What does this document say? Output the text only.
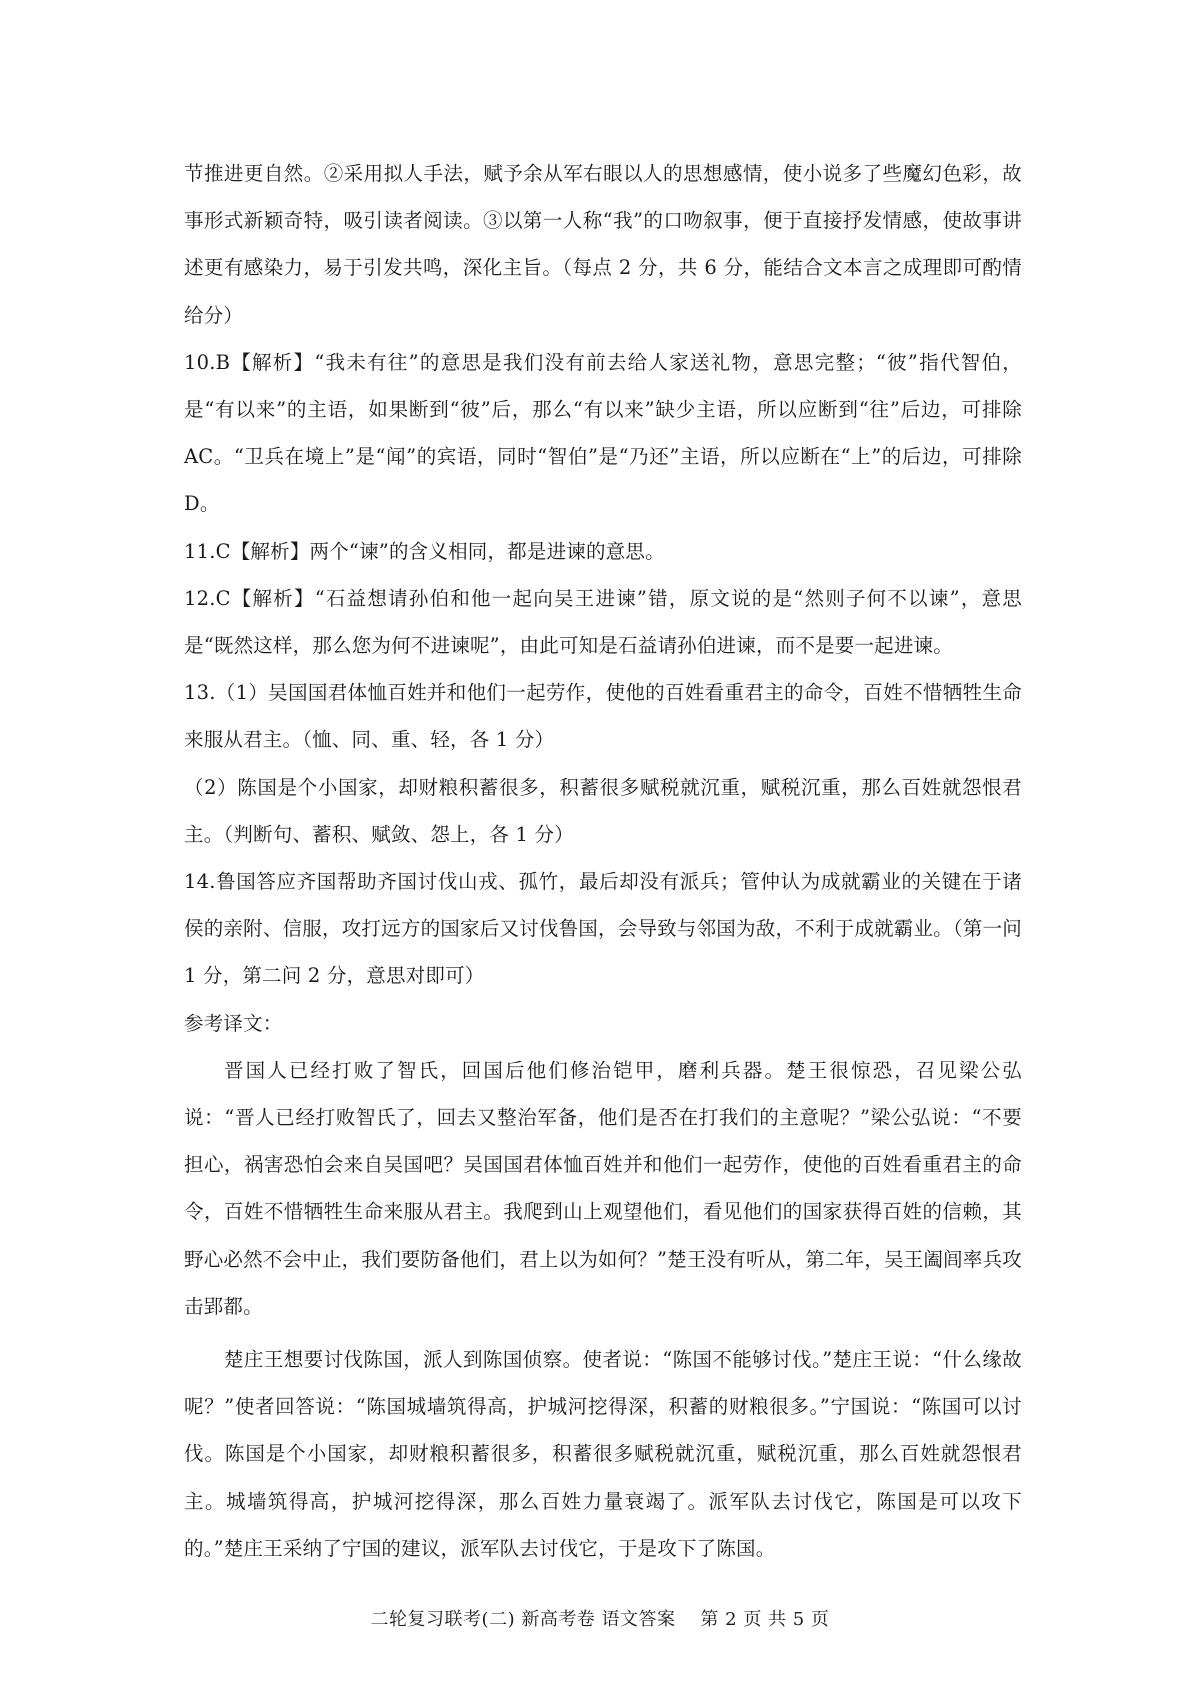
节推进更自然。②采用拟人手法，赋予余从军右眼以人的思想感情，使小说多了些魔幻色彩，故事形式新颖奇特，吸引读者阅读。③以第一人称“我”的口吻叙事，便于直接抒发情感，使故事讲述更有感染力，易于引发共鸣，深化主旨。（每点 2 分，共 6 分，能结合文本言之成理即可酌情给分）

10.B【解析】“我未有往”的意思是我们没有前去给人家送礼物，意思完整；“彼”指代智伯，是“有以来”的主语，如果断到“彼”后，那么“有以来”缺少主语，所以应断到“往”后边，可排除 AC。“卫兵在境上”是“闻”的宾语，同时“智伯”是“乃还”主语，所以应断在“上”的后边，可排除 D。

11.C【解析】两个“谏”的含义相同，都是进谏的意思。

12.C【解析】“石益想请孙伯和他一起向吴王进谏”错，原文说的是“然则子何不以谏”，意思是“既然这样，那么您为何不进谏呢”，由此可知是石益请孙伯进谏，而不是要一起进谏。

13.（1）吴国国君体恤百姓并和他们一起劳作，使他的百姓看重君主的命令，百姓不惜牺牲生命来服从君主。（恤、同、重、轻，各 1 分）

（2）陈国是个小国家，却财粮积蓄很多，积蓄很多赋税就沉重，赋税沉重，那么百姓就怨恨君主。（判断句、蓄积、赋敛、怨上，各 1 分）

14.鲁国答应齐国帮助齐国讨伐山戎、孤竹，最后却没有派兵；管仲认为成就霸业的关键在于诸侯的亲附、信服，攻打远方的国家后又讨伐鲁国，会导致与邻国为敌，不利于成就霸业。（第一问 1 分，第二问 2 分，意思对即可）

参考译文：

晋国人已经打败了智氏，回国后他们修治铠甲，磨利兵器。楚王很惊恐，召见梁公弘说：“晋人已经打败智氏了，回去又整治军备，他们是否在打我们的主意呢？”梁公弘说：“不要担心，祸害恐怕会来自吴国吧？吴国国君体恤百姓并和他们一起劳作，使他的百姓看重君主的命令，百姓不惜牺牲生命来服从君主。我爬到山上观望他们，看见他们的国家获得百姓的信赖，其野心必然不会中止，我们要防备他们，君上以为如何？”楚王没有听从，第二年，吴王阖闾率兵攻击郢都。

楚庄王想要讨伐陈国，派人到陈国侦察。使者说：“陈国不能够讨伐。”楚庄王说：“什么缘故呢？”使者回答说：“陈国城墙筑得高，护城河挖得深，积蓄的财粮很多。”宁国说：“陈国可以讨伐。陈国是个小国家，却财粮积蓄很多，积蓄很多赋税就沉重，赋税沉重，那么百姓就怨恨君主。城墙筑得高，护城河挖得深，那么百姓力量衰竭了。派军队去讨伐它，陈国是可以攻下的。”楚庄王采纳了宁国的建议，派军队去讨伐它，于是攻下了陈国。

二轮复习联考(二) 新高考卷 语文答案    第 2 页 共 5 页
